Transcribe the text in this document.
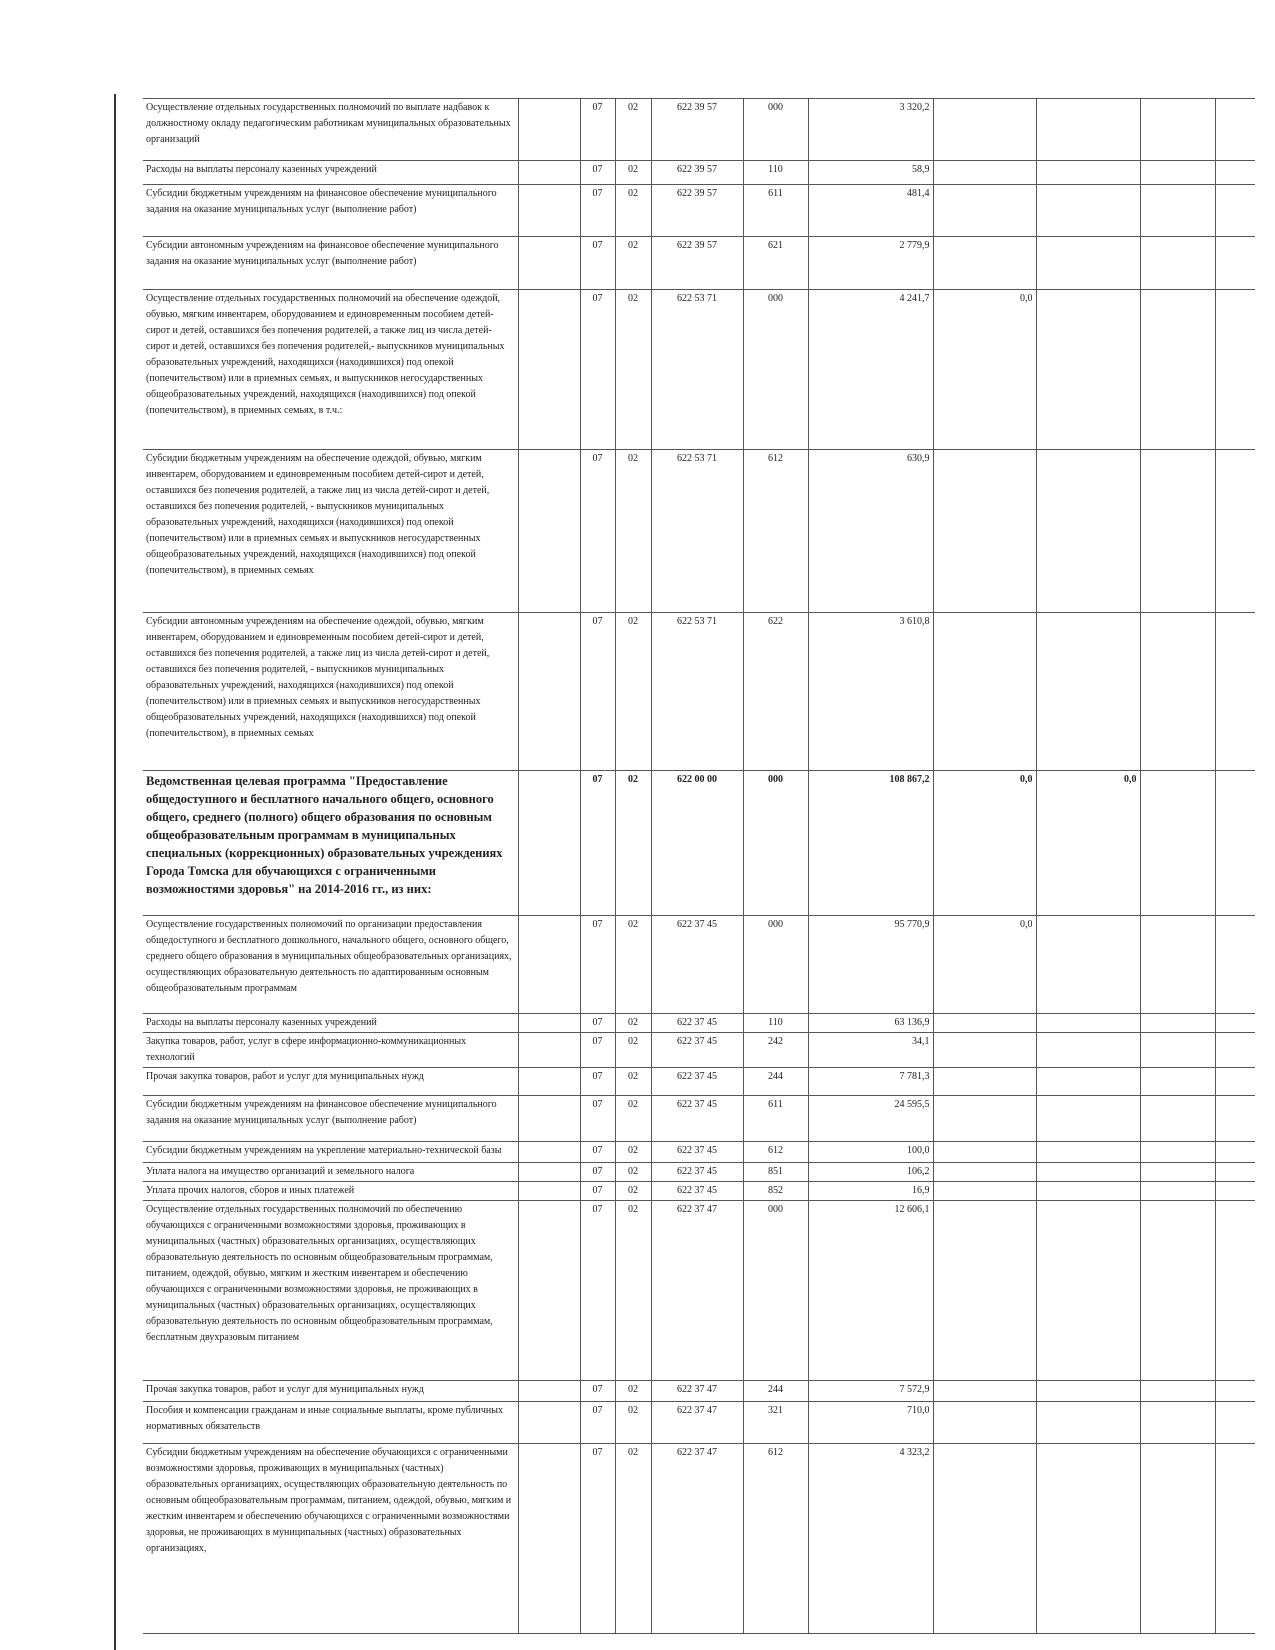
Осуществление отдельных государственных полномочий по выплате надбавок к должностному окладу педагогическим работникам муниципальных образовательных организаций	07	02	622 39 57	000	3 320,2				
Расходы на выплаты персоналу казенных учреждений	07	02	622 39 57	110	58,9				
Субсидии бюджетным учреждениям на финансовое обеспечение муниципального задания на оказание муниципальных услуг (выполнение работ)	07	02	622 39 57	611	481,4				
Субсидии автономным учреждениям на финансовое обеспечение муниципального задания на оказание муниципальных услуг (выполнение работ)	07	02	622 39 57	621	2 779,9				
Осуществление отдельных государственных полномочий на обеспечение одеждой, обувью, мягким инвентарем, оборудованием и единовременным пособием детей-сирот и детей, оставшихся без попечения родителей, а также лиц из числа детей-сирот и детей, оставшихся без попечения родителей,- выпускников муниципальных образовательных учреждений, находящихся (находившихся) под опекой (попечительством) или в приемных семьях, и выпускников негосударственных общеобразовательных учреждений, находящихся (находившихся) под опекой (попечительством), в приемных семьях, в т.ч.:	07	02	622 53 71	000	4 241,7	0,0			
Субсидии бюджетным учреждениям на обеспечение одеждой, обувью, мягким инвентарем, оборудованием и единовременным пособием детей-сирот и детей, оставшихся без попечения родителей, а также лиц из числа детей-сирот и детей, оставшихся без попечения родителей, - выпускников муниципальных образовательных учреждений, находящихся (находившихся) под опекой (попечительством) или в приемных семьях и выпускников негосударственных общеобразовательных учреждений, находящихся (находившихся) под опекой (попечительством), в приемных семьях	07	02	622 53 71	612	630,9				
Субсидии автономным учреждениям на обеспечение одеждой, обувью, мягким инвентарем, оборудованием и единовременным пособием детей-сирот и детей, оставшихся без попечения родителей, а также лиц из числа детей-сирот и детей, оставшихся без попечения родителей, - выпускников муниципальных образовательных учреждений, находящихся (находившихся) под опекой (попечительством) или в приемных семьях и выпускников негосударственных общеобразовательных учреждений, находящихся (находившихся) под опекой (попечительством), в приемных семьях	07	02	622 53 71	622	3 610,8				
Ведомственная целевая программа "Предоставление общедоступного и бесплатного начального общего, основного общего, среднего (полного) общего образования по основным общеобразовательным программам в муниципальных специальных (коррекционных) образовательных учреждениях Города Томска для обучающихся с ограниченными возможностями здоровья" на 2014-2016 гг., из них:	07	02	622 00 00	000	108 867,2	0,0	0,0		
Осуществление государственных полномочий по организации предоставления общедоступного и бесплатного дошкольного, начального общего, основного общего, среднего общего образования в муниципальных общеобразовательных организациях, осуществляющих образовательную деятельность по адаптированным основным общеобразовательным программам	07	02	622 37 45	000	95 770,9	0,0			
Расходы на выплаты персоналу казенных учреждений	07	02	622 37 45	110	63 136,9				
Закупка товаров, работ, услуг в сфере информационно-коммуникационных технологий	07	02	622 37 45	242	34,1				
Прочая закупка товаров, работ и услуг для муниципальных нужд	07	02	622 37 45	244	7 781,3				
Субсидии бюджетным учреждениям на финансовое обеспечение муниципального задания на оказание муниципальных услуг (выполнение работ)	07	02	622 37 45	611	24 595,5				
Субсидии бюджетным учреждениям на укрепление материально-технической базы	07	02	622 37 45	612	100,0				
Уплата налога на имущество организаций и земельного налога	07	02	622 37 45	851	106,2				
Уплата прочих налогов, сборов и иных платежей	07	02	622 37 45	852	16,9				
Осуществление отдельных государственных полномочий по обеспечению обучающихся с ограниченными возможностями здоровья, проживающих в муниципальных (частных) образовательных организациях, осуществляющих образовательную деятельность по основным общеобразовательным программам, питанием, одеждой, обувью, мягким и жестким инвентарем и обеспечению обучающихся с ограниченными возможностями здоровья, не проживающих в муниципальных (частных) образовательных организациях, осуществляющих образовательную деятельность по основным общеобразовательным программам, бесплатным двухразовым питанием	07	02	622 37 47	000	12 606,1				
Прочая закупка товаров, работ и услуг для муниципальных нужд	07	02	622 37 47	244	7 572,9				
Пособия и компенсации гражданам и иные социальные выплаты, кроме публичных нормативных обязательств	07	02	622 37 47	321	710,0				
Субсидии бюджетным учреждениям на обеспечение обучающихся с ограниченными возможностями здоровья, проживающих в муниципальных (частных) образовательных организациях, осуществляющих образовательную деятельность по основным общеобразовательным программам, питанием, одеждой, обувью, мягким и жестким инвентарем и обеспечению обучающихся с ограниченными возможностями здоровья, не проживающих в муниципальных (частных) образовательных организациях,	07	02	622 37 47	612	4 323,2				
